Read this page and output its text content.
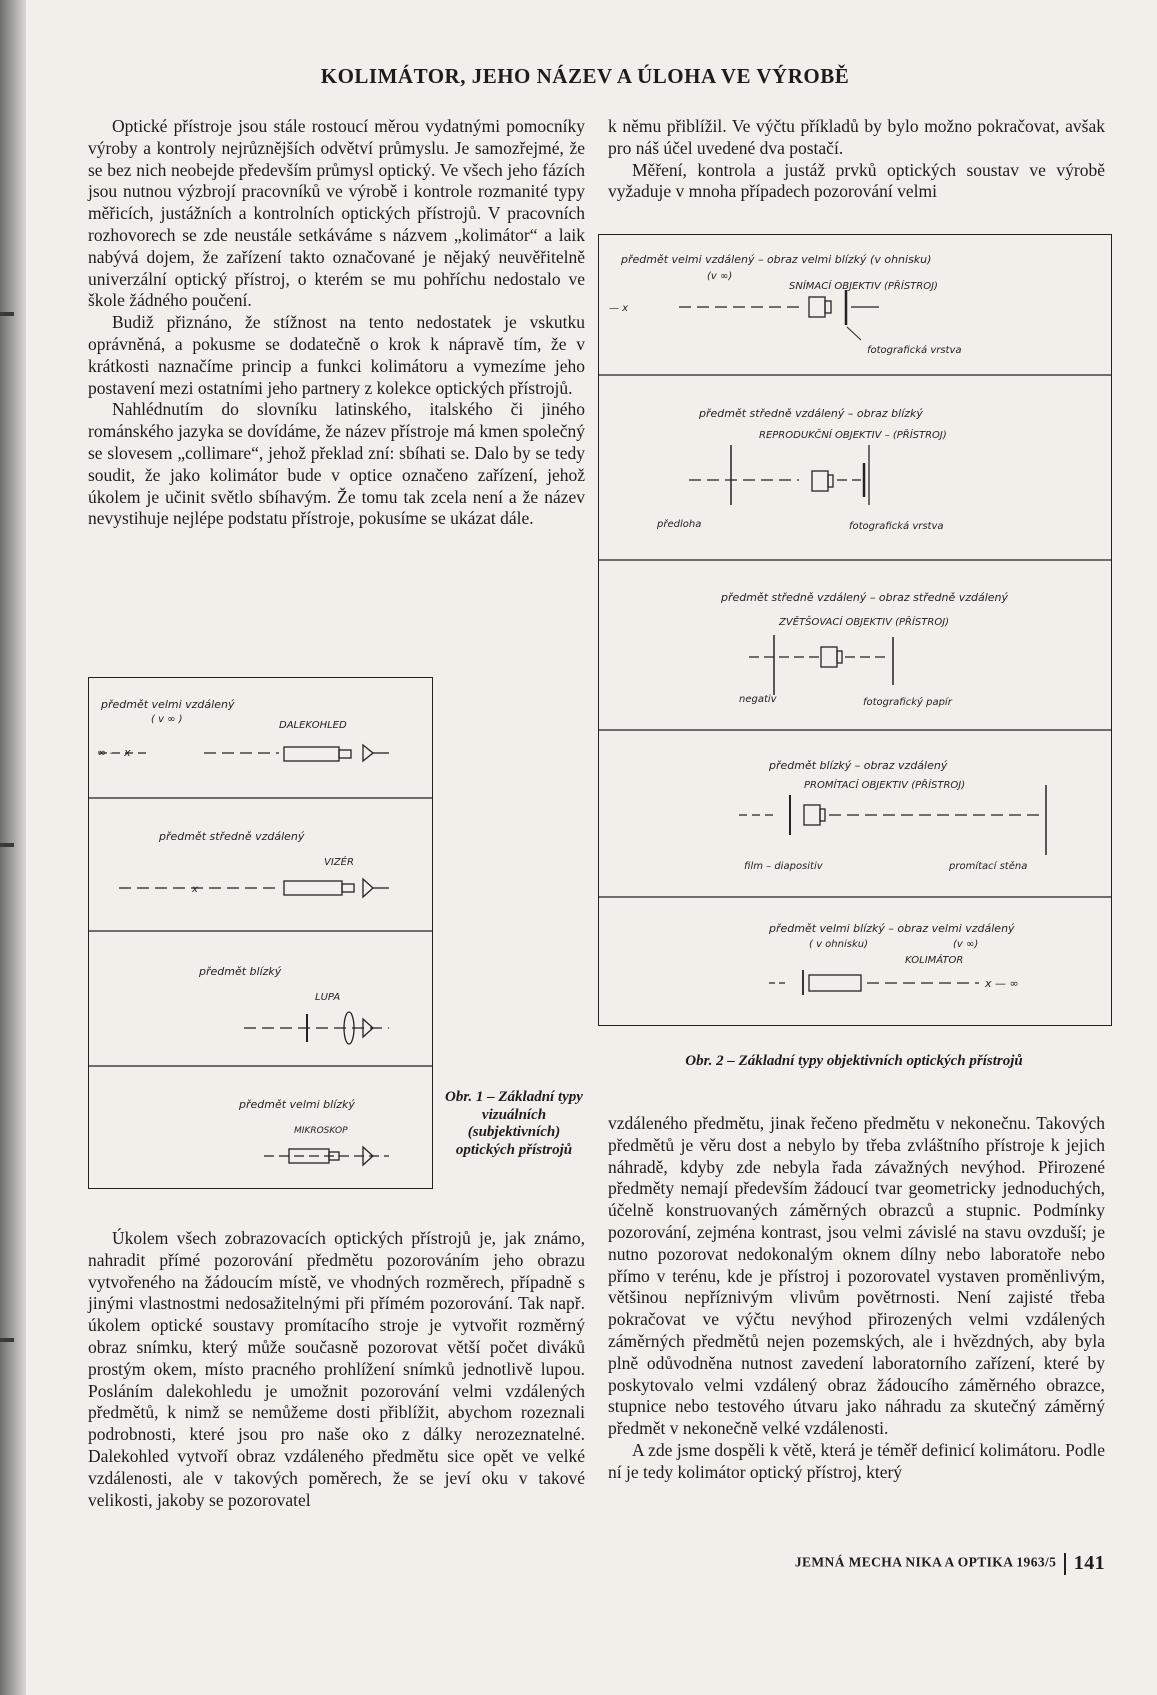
KOLIMÁTOR, JEHO NÁZEV A ÚLOHA VE VÝROBĚ

Optické přístroje jsou stále rostoucí měrou vydatnými pomocníky výroby a kontroly nejrůznějších odvětví průmyslu. Je samozřejmé, že se bez nich neobejde především průmysl optický. Ve všech jeho fázích jsou nutnou výzbrojí pracovníků ve výrobě i kontrole rozmanité typy měřicích, justážních a kontrolních optických přístrojů. V pracovních rozhovorech se zde neustále setkáváme s názvem „kolimátor“ a laik nabývá dojem, že zařízení takto označované je nějaký neuvěřitelně univerzální optický přístroj, o kterém se mu pohříchu nedostalo ve škole žádného poučení.

Budiž přiznáno, že stížnost na tento nedostatek je vskutku oprávněná, a pokusme se dodatečně o krok k nápravě tím, že v krátkosti naznačíme princip a funkci kolimátoru a vymezíme jeho postavení mezi ostatními jeho partnery z kolekce optických přístrojů.

Nahlédnutím do slovníku latinského, italského či jiného románského jazyka se dovídáme, že název přístroje má kmen společný se slovesem „collimare“, jehož překlad zní: sbíhati se. Dalo by se tedy soudit, že jako kolimátor bude v optice označeno zařízení, jehož úkolem je učinit světlo sbíhavým. Že tomu tak zcela není a že název nevystihuje nejlépe podstatu přístroje, pokusíme se ukázat dále.

k němu přiblížil. Ve výčtu příkladů by bylo možno pokračovat, avšak pro náš účel uvedené dva postačí.

Měření, kontrola a justáž prvků optických soustav ve výrobě vyžaduje v mnoha případech pozorování velmi

předmět velmi vzdálený
( v ∞ )
DALEKOHLED
∞ — x
předmět středně vzdálený
VIZÉR
x
předmět blízký
LUPA
předmět velmi blízký
MIKROSKOP
Obr. 1 – Základní typy vizuálních (subjektivních) optických přístrojů
předmět velmi vzdálený – obraz velmi blízký (v ohnisku)
(v ∞)
SNÍMACÍ OBJEKTIV (PŘÍSTROJ)
— x
fotografická vrstva
předmět středně vzdálený – obraz blízký
REPRODUKČNÍ OBJEKTIV – (PŘÍSTROJ)
předloha	fotografická vrstva
předmět středně vzdálený – obraz středně vzdálený
ZVĚTŠOVACÍ OBJEKTIV (PŘÍSTROJ)
negativ	fotografický papír
předmět blízký – obraz vzdálený
PROMÍTACÍ OBJEKTIV (PŘÍSTROJ)
film – diapositiv	promítací stěna
předmět velmi blízký – obraz velmi vzdálený
( v ohnisku)	(v ∞)
KOLIMÁTOR
x — ∞
Obr. 2 – Základní typy objektivních optických přístrojů

Úkolem všech zobrazovacích optických přístrojů je, jak známo, nahradit přímé pozorování předmětu pozorováním jeho obrazu vytvořeného na žádoucím místě, ve vhodných rozměrech, případně s jinými vlastnostmi nedosažitelnými při přímém pozorování. Tak např. úkolem optické soustavy promítacího stroje je vytvořit rozměrný obraz snímku, který může současně pozorovat větší počet diváků prostým okem, místo pracného prohlížení snímků jednotlivě lupou. Posláním dalekohledu je umožnit pozorování velmi vzdálených předmětů, k nimž se nemůžeme dosti přiblížit, abychom rozeznali podrobnosti, které jsou pro naše oko z dálky nerozeznatelné. Dalekohled vytvoří obraz vzdáleného předmětu sice opět ve velké vzdálenosti, ale v takových poměrech, že se jeví oku v takové velikosti, jakoby se pozorovatel

vzdáleného předmětu, jinak řečeno předmětu v nekonečnu. Takových předmětů je věru dost a nebylo by třeba zvláštního přístroje k jejich náhradě, kdyby zde nebyla řada závažných nevýhod. Přirozené předměty nemají především žádoucí tvar geometricky jednoduchých, účelně konstruovaných záměrných obrazců a stupnic. Podmínky pozorování, zejména kontrast, jsou velmi závislé na stavu ovzduší; je nutno pozorovat nedokonalým oknem dílny nebo laboratoře nebo přímo v terénu, kde je přístroj i pozorovatel vystaven proměnlivým, většinou nepříznivým vlivům povětrnosti. Není zajisté třeba pokračovat ve výčtu nevýhod přirozených velmi vzdálených záměrných předmětů nejen pozemských, ale i hvězdných, aby byla plně odůvodněna nutnost zavedení laboratorního zařízení, které by poskytovalo velmi vzdálený obraz žádoucího záměrného obrazce, stupnice nebo testového útvaru jako náhradu za skutečný záměrný předmět v nekonečně velké vzdálenosti.

A zde jsme dospěli k větě, která je téměř definicí kolimátoru. Podle ní je tedy kolimátor optický přístroj, který

JEMNÁ MECHA NIKA A OPTIKA 1963/5 141
